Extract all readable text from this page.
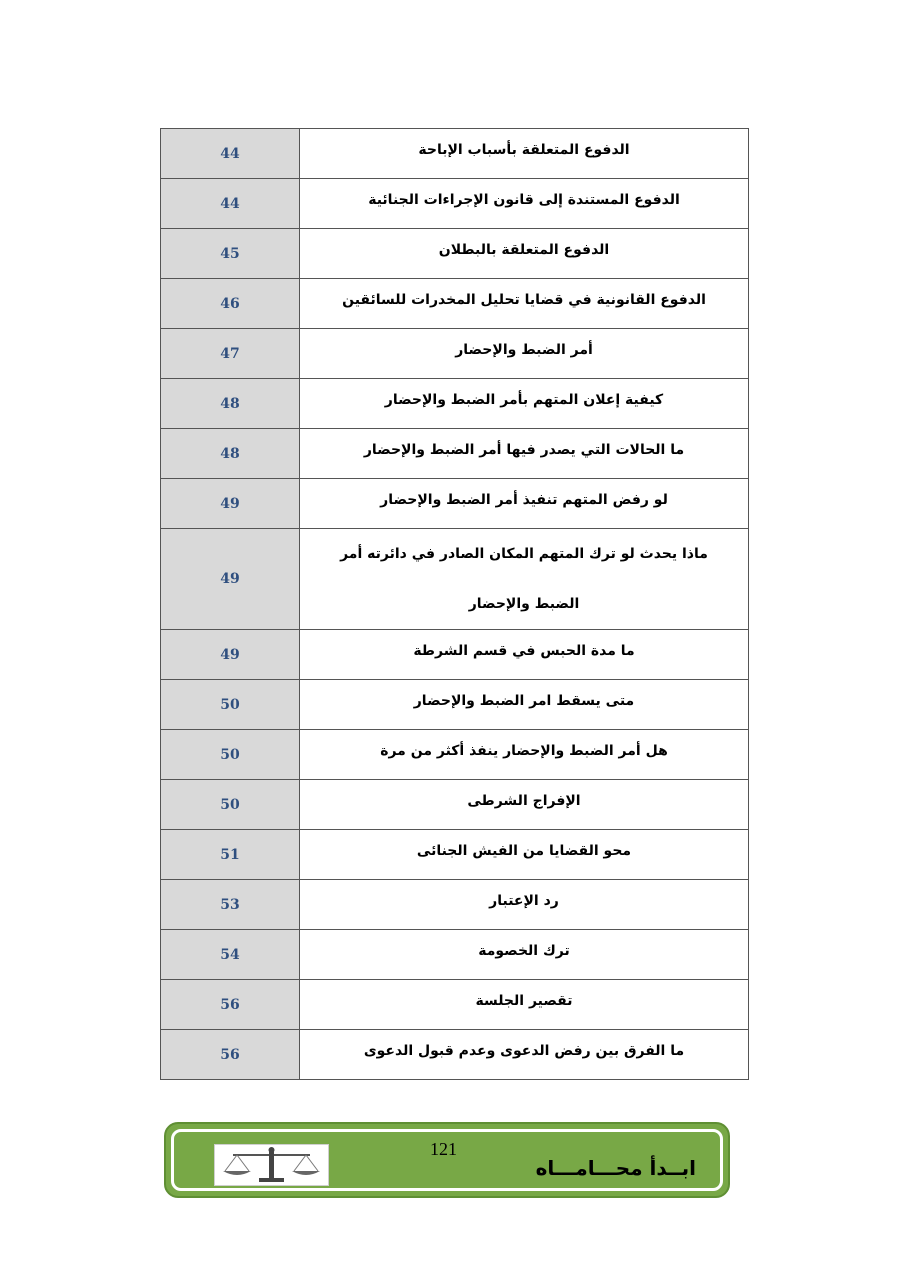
44	الدفوع المتعلقة بأسباب الإباحة
44	الدفوع المستندة إلى قانون الإجراءات الجنائية
45	الدفوع المتعلقة بالبطلان
46	الدفوع القانونية في قضايا تحليل المخدرات للسائقين
47	أمر الضبط والإحضار
48	كيفية إعلان المتهم بأمر الضبط والإحضار
48	ما الحالات التي يصدر فيها أمر الضبط والإحضار
49	لو رفض المتهم تنفيذ أمر الضبط والإحضار
49	ماذا يحدث لو ترك المتهم المكان الصادر في دائرته أمر الضبط والإحضار
49	ما مدة الحبس في قسم الشرطة
50	متى يسقط امر الضبط والإحضار
50	هل أمر الضبط والإحضار ينفذ أكثر من مرة
50	الإفراج الشرطى
51	محو القضايا من الفيش الجنائى
53	رد الإعتبار
54	ترك الخصومة
56	تقصير الجلسة
56	ما الفرق بين رفض الدعوى وعدم قبول الدعوى
121
ابــدأ محـــامـــاه
